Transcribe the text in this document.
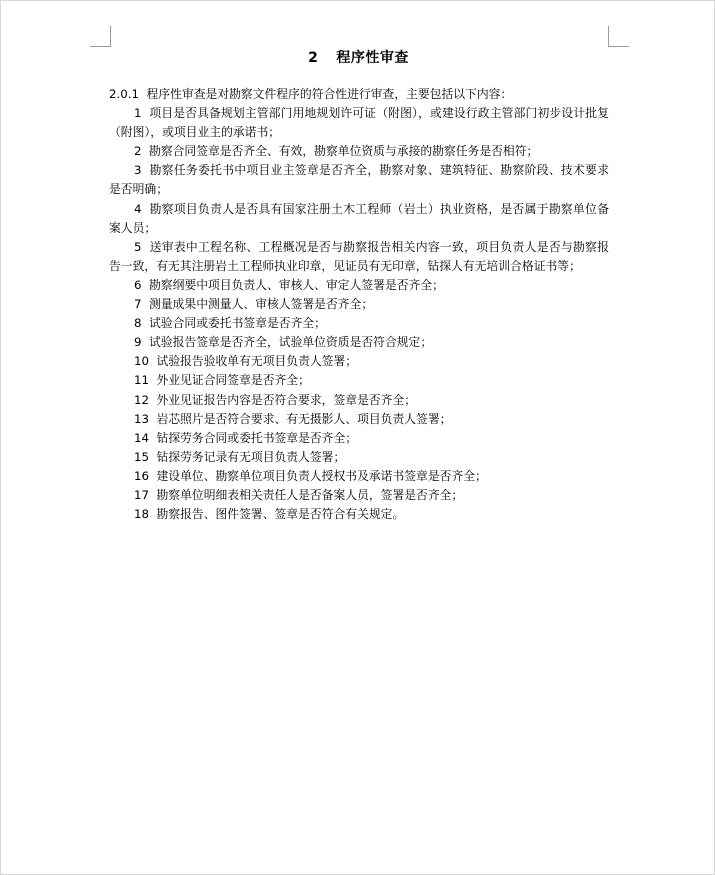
2 程序性审查
2.0.1 程序性审查是对勘察文件程序的符合性进行审查，主要包括以下内容：
1 项目是否具备规划主管部门用地规划许可证（附图），或建设行政主管部门初步设计批复（附图），或项目业主的承诺书；
2 勘察合同签章是否齐全、有效，勘察单位资质与承接的勘察任务是否相符；
3 勘察任务委托书中项目业主签章是否齐全，勘察对象、建筑特征、勘察阶段、技术要求是否明确；
4 勘察项目负责人是否具有国家注册土木工程师（岩土）执业资格，是否属于勘察单位备案人员；
5 送审表中工程名称、工程概况是否与勘察报告相关内容一致，项目负责人是否与勘察报告一致，有无其注册岩土工程师执业印章，见证员有无印章，钻探人有无培训合格证书等；
6 勘察纲要中项目负责人、审核人、审定人签署是否齐全；
7 测量成果中测量人、审核人签署是否齐全；
8 试验合同或委托书签章是否齐全；
9 试验报告签章是否齐全，试验单位资质是否符合规定；
10 试验报告验收单有无项目负责人签署；
11 外业见证合同签章是否齐全；
12 外业见证报告内容是否符合要求，签章是否齐全；
13 岩芯照片是否符合要求、有无摄影人、项目负责人签署；
14 钻探劳务合同或委托书签章是否齐全；
15 钻探劳务记录有无项目负责人签署；
16 建设单位、勘察单位项目负责人授权书及承诺书签章是否齐全；
17 勘察单位明细表相关责任人是否备案人员，签署是否齐全；
18 勘察报告、图件签署、签章是否符合有关规定。
